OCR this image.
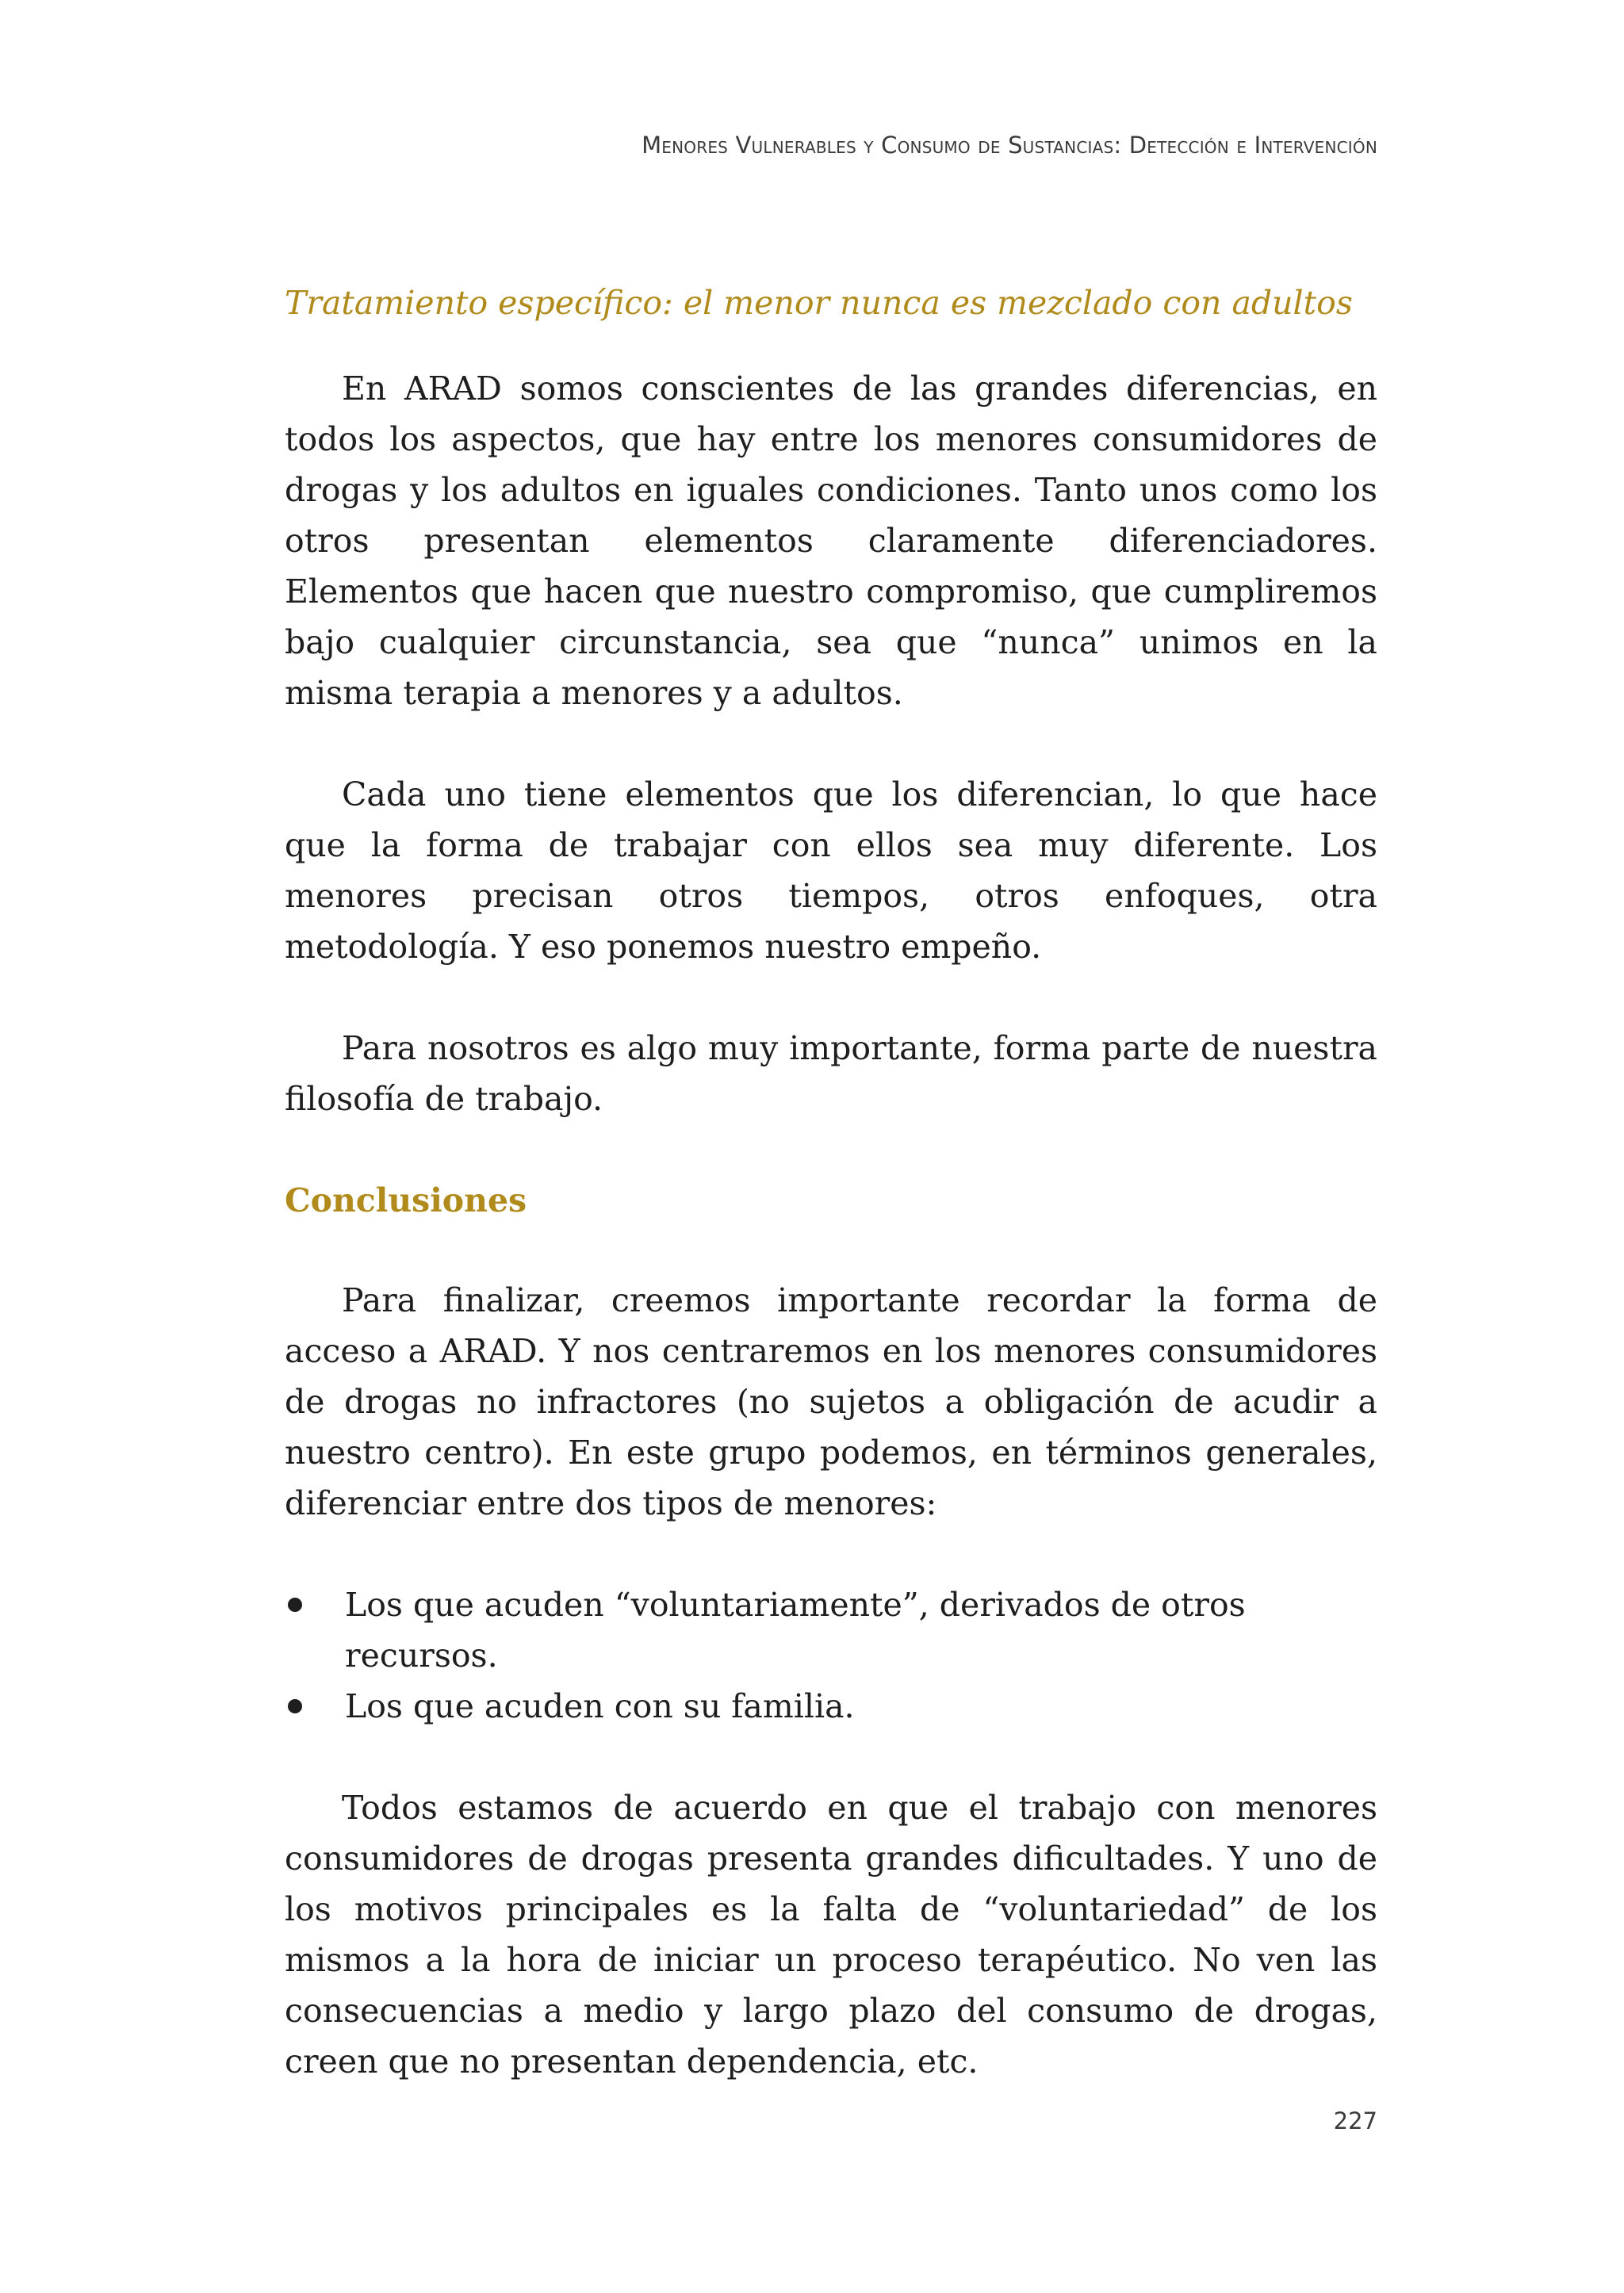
Menores Vulnerables y Consumo de Sustancias: Detección e Intervención
Tratamiento específico: el menor nunca es mezclado con adultos

En ARAD somos conscientes de las grandes diferencias, en todos los aspectos, que hay entre los menores consumidores de drogas y los adultos en iguales condiciones. Tanto unos como los otros presentan elementos claramente diferenciadores. Elementos que hacen que nuestro compromiso, que cumpliremos bajo cualquier circunstancia, sea que “nunca” unimos en la misma terapia a menores y a adultos.

Cada uno tiene elementos que los diferencian, lo que hace que la forma de trabajar con ellos sea muy diferente. Los menores precisan otros tiempos, otros enfoques, otra metodología. Y eso ponemos nuestro empeño.

Para nosotros es algo muy importante, forma parte de nuestra filosofía de trabajo.

Conclusiones

Para finalizar, creemos importante recordar la forma de acceso a ARAD. Y nos centraremos en los menores consumidores de drogas no infractores (no sujetos a obligación de acudir a nuestro centro). En este grupo podemos, en términos generales, diferenciar entre dos tipos de menores:

Los que acuden “voluntariamente”, derivados de otros recursos.
Los que acuden con su familia.

Todos estamos de acuerdo en que el trabajo con menores consumidores de drogas presenta grandes dificultades. Y uno de los motivos principales es la falta de “voluntariedad” de los mismos a la hora de iniciar un proceso terapéutico. No ven las consecuencias a medio y largo plazo del consumo de drogas, creen que no presentan dependencia, etc.

227
